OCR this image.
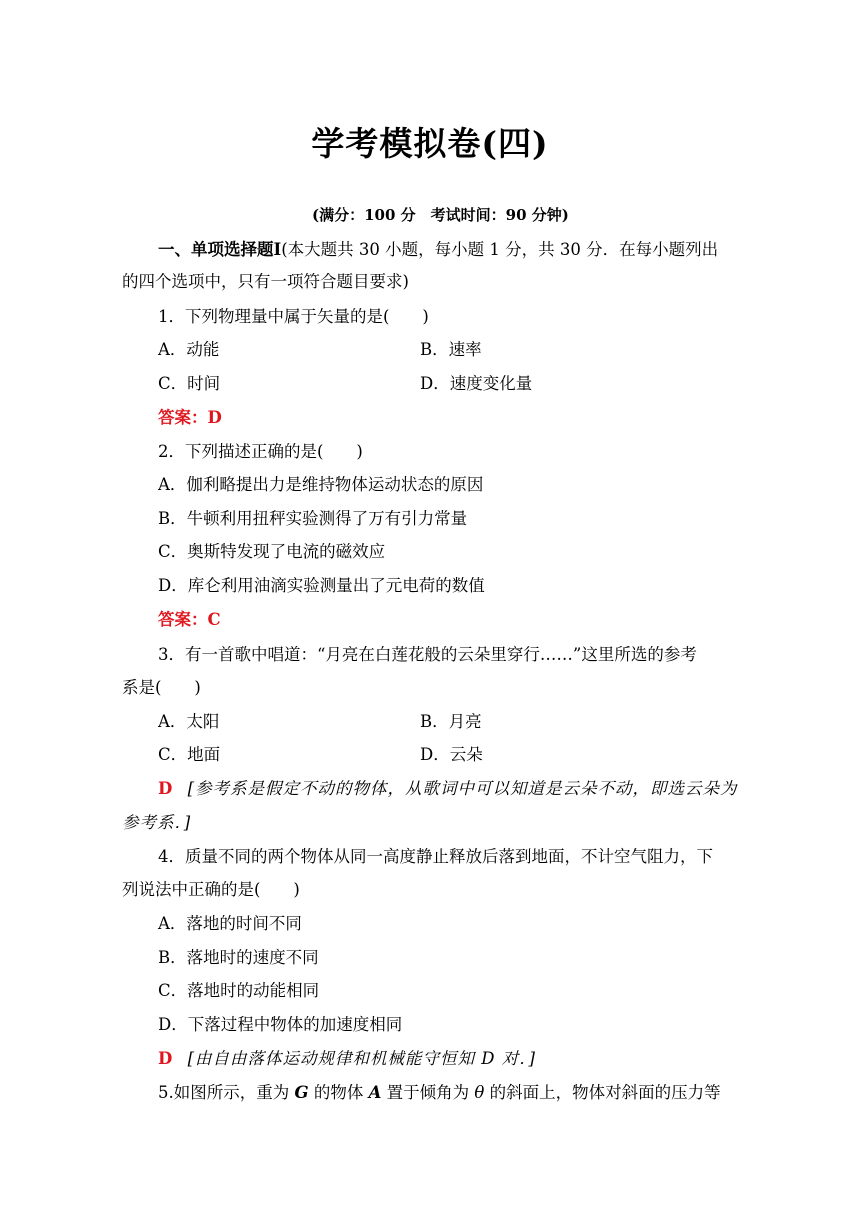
学考模拟卷(四)
(满分：100 分　考试时间：90 分钟)
一、单项选择题Ⅰ(本大题共 30 小题，每小题 1 分，共 30 分．在每小题列出
的四个选项中，只有一项符合题目要求)
1．下列物理量中属于矢量的是(　　)
A．动能	B．速率
C．时间	D．速度变化量
答案：D
2．下列描述正确的是(　　)
A．伽利略提出力是维持物体运动状态的原因
B．牛顿利用扭秤实验测得了万有引力常量
C．奥斯特发现了电流的磁效应
D．库仑利用油滴实验测量出了元电荷的数值
答案：C
3．有一首歌中唱道：“月亮在白莲花般的云朵里穿行……”这里所选的参考
系是(　　)
A．太阳	B．月亮
C．地面	D．云朵
D [参考系是假定不动的物体，从歌词中可以知道是云朵不动，即选云朵为
参考系．]
4．质量不同的两个物体从同一高度静止释放后落到地面，不计空气阻力，下
列说法中正确的是(　　)
A．落地的时间不同
B．落地时的速度不同
C．落地时的动能相同
D．下落过程中物体的加速度相同
D [由自由落体运动规律和机械能守恒知 D 对．]
5.如图所示，重为 G 的物体 A 置于倾角为 θ 的斜面上，物体对斜面的压力等
